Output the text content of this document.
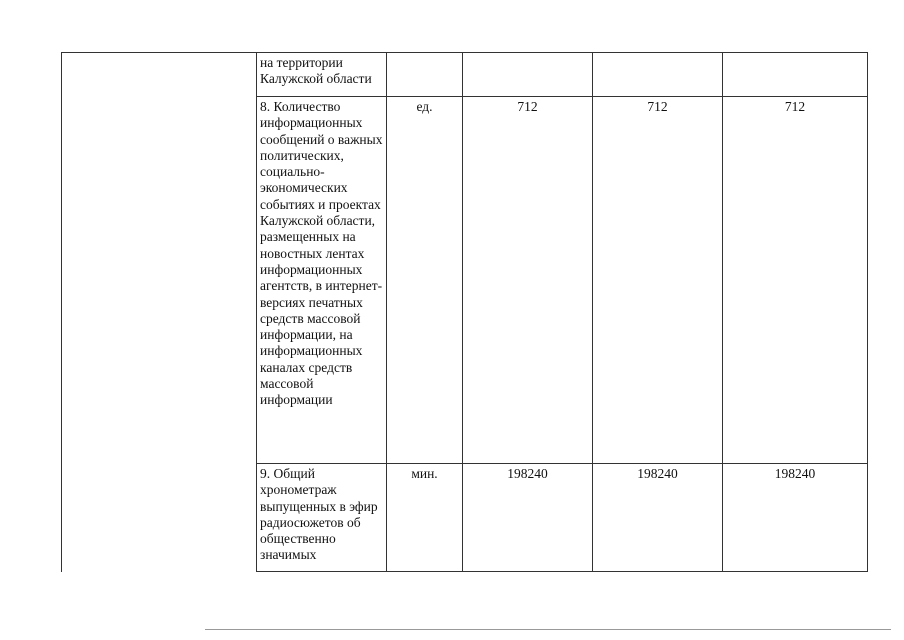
	на территории Калужской области				
	8. Количество информационных сообщений о важных политических, социально-экономических событиях и проектах Калужской области, размещенных на новостных лентах информационных агентств, в интернет-версиях печатных средств массовой информации, на информационных каналах средств массовой информации	ед.	712	712	712
	9. Общий хронометраж выпущенных в эфир радиосюжетов об общественно значимых	мин.	198240	198240	198240
